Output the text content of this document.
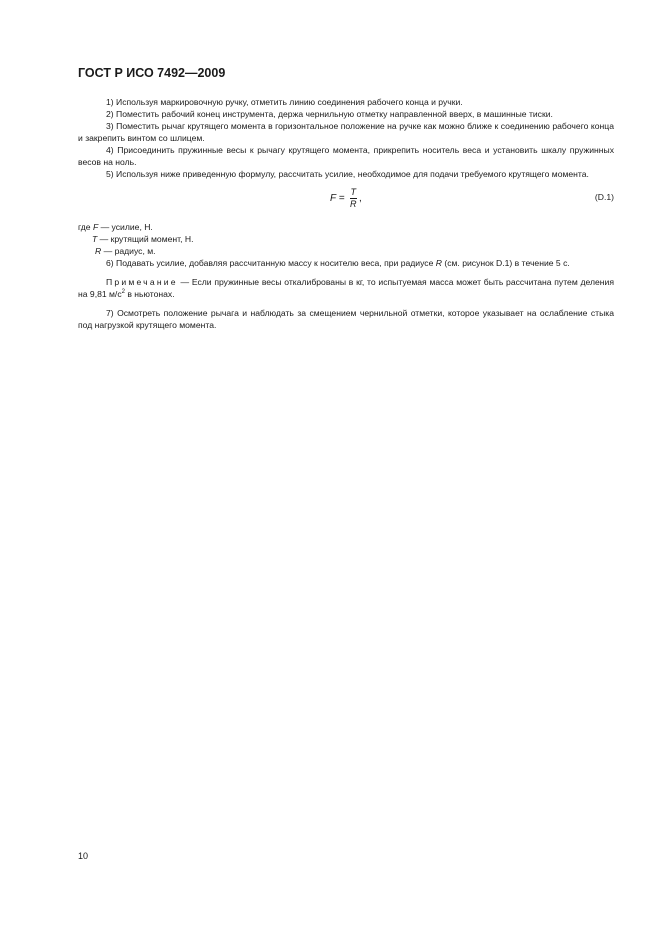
ГОСТ Р ИСО 7492—2009

1) Используя маркировочную ручку, отметить линию соединения рабочего конца и ручки.

2) Поместить рабочий конец инструмента, держа чернильную отметку направленной вверх, в машинные тиски.

3) Поместить рычаг крутящего момента в горизонтальное положение на ручке как можно ближе к соединению рабочего конца и закрепить винтом со шлицем.

4) Присоединить пружинные весы к рычагу крутящего момента, прикрепить носитель веса и установить шкалу пружинных весов на ноль.

5) Используя ниже приведенную формулу, рассчитать усилие, необходимое для подачи требуемого крутящего момента.

$F = \frac{T}{R}$ ,	(D.1)
где F — усилие, Н.
T — крутящий момент, Н.
R — радиус, м.

6) Подавать усилие, добавляя рассчитанную массу к носителю веса, при радиусе R (см. рисунок D.1) в течение 5 с.

Примечание — Если пружинные весы откалиброваны в кг, то испытуемая масса может быть рассчитана путем деления на 9,81 $м/с^2$ в ньютонах.

7) Осмотреть положение рычага и наблюдать за смещением чернильной отметки, которое указывает на ослабление стыка под нагрузкой крутящего момента.

10
